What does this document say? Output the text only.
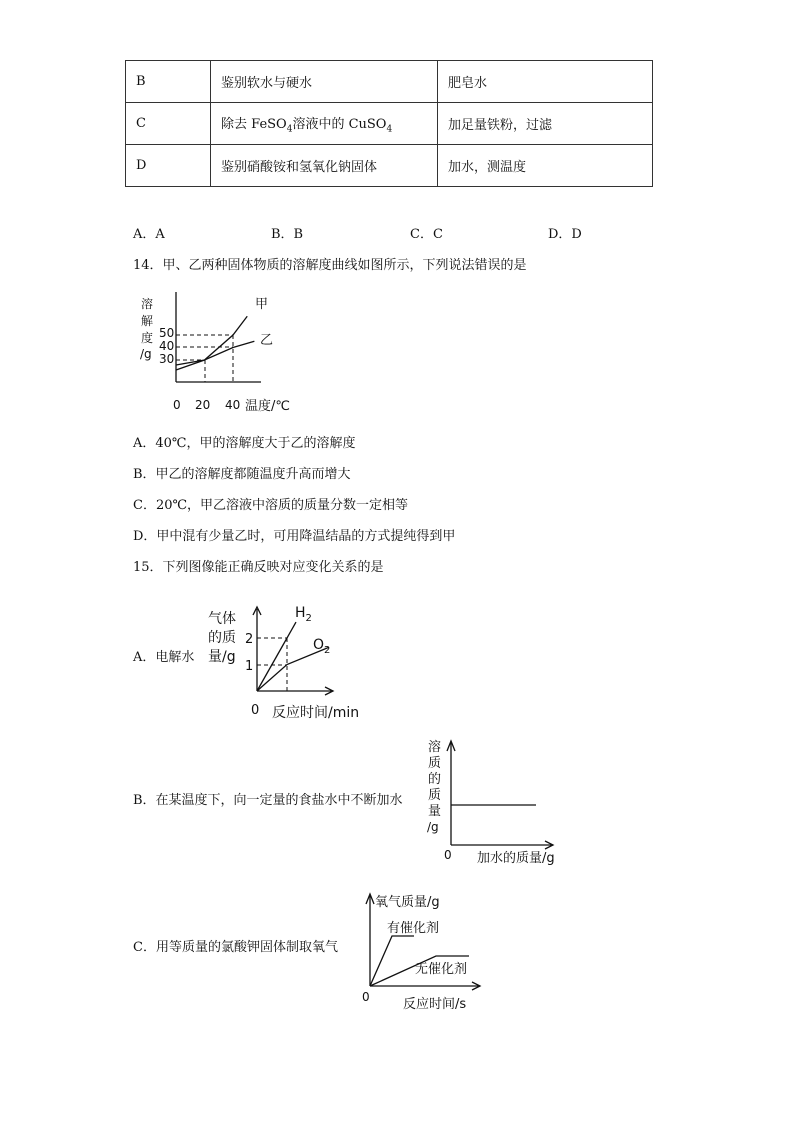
B	鉴别软水与硬水	肥皂水
C	除去 FeSO$_4$溶液中的 CuSO$_4$	加足量铁粉，过滤
D	鉴别硝酸铵和氢氧化钠固体	加水，测温度
A．A	B．B	C．C	D．D
14．甲、乙两种固体物质的溶解度曲线如图所示，下列说法错误的是
溶
解
度
/g
50
40
30
甲
乙
0 20 40 温度/℃
A．40℃，甲的溶解度大于乙的溶解度
B．甲乙的溶解度都随温度升高而增大
C．20℃，甲乙溶液中溶质的质量分数一定相等
D．甲中混有少量乙时，可用降温结晶的方式提纯得到甲
15．下列图像能正确反映对应变化关系的是
A．电解水
气体
的质
量/g
2
1
$H_2$
$O_2$
0 反应时间/min
B．在某温度下，向一定量的食盐水中不断加水
溶
质
的
质
量
/g
0 加水的质量/g
C．用等质量的氯酸钾固体制取氧气
氧气质量/g
有催化剂
无催化剂
0	反应时间/s
